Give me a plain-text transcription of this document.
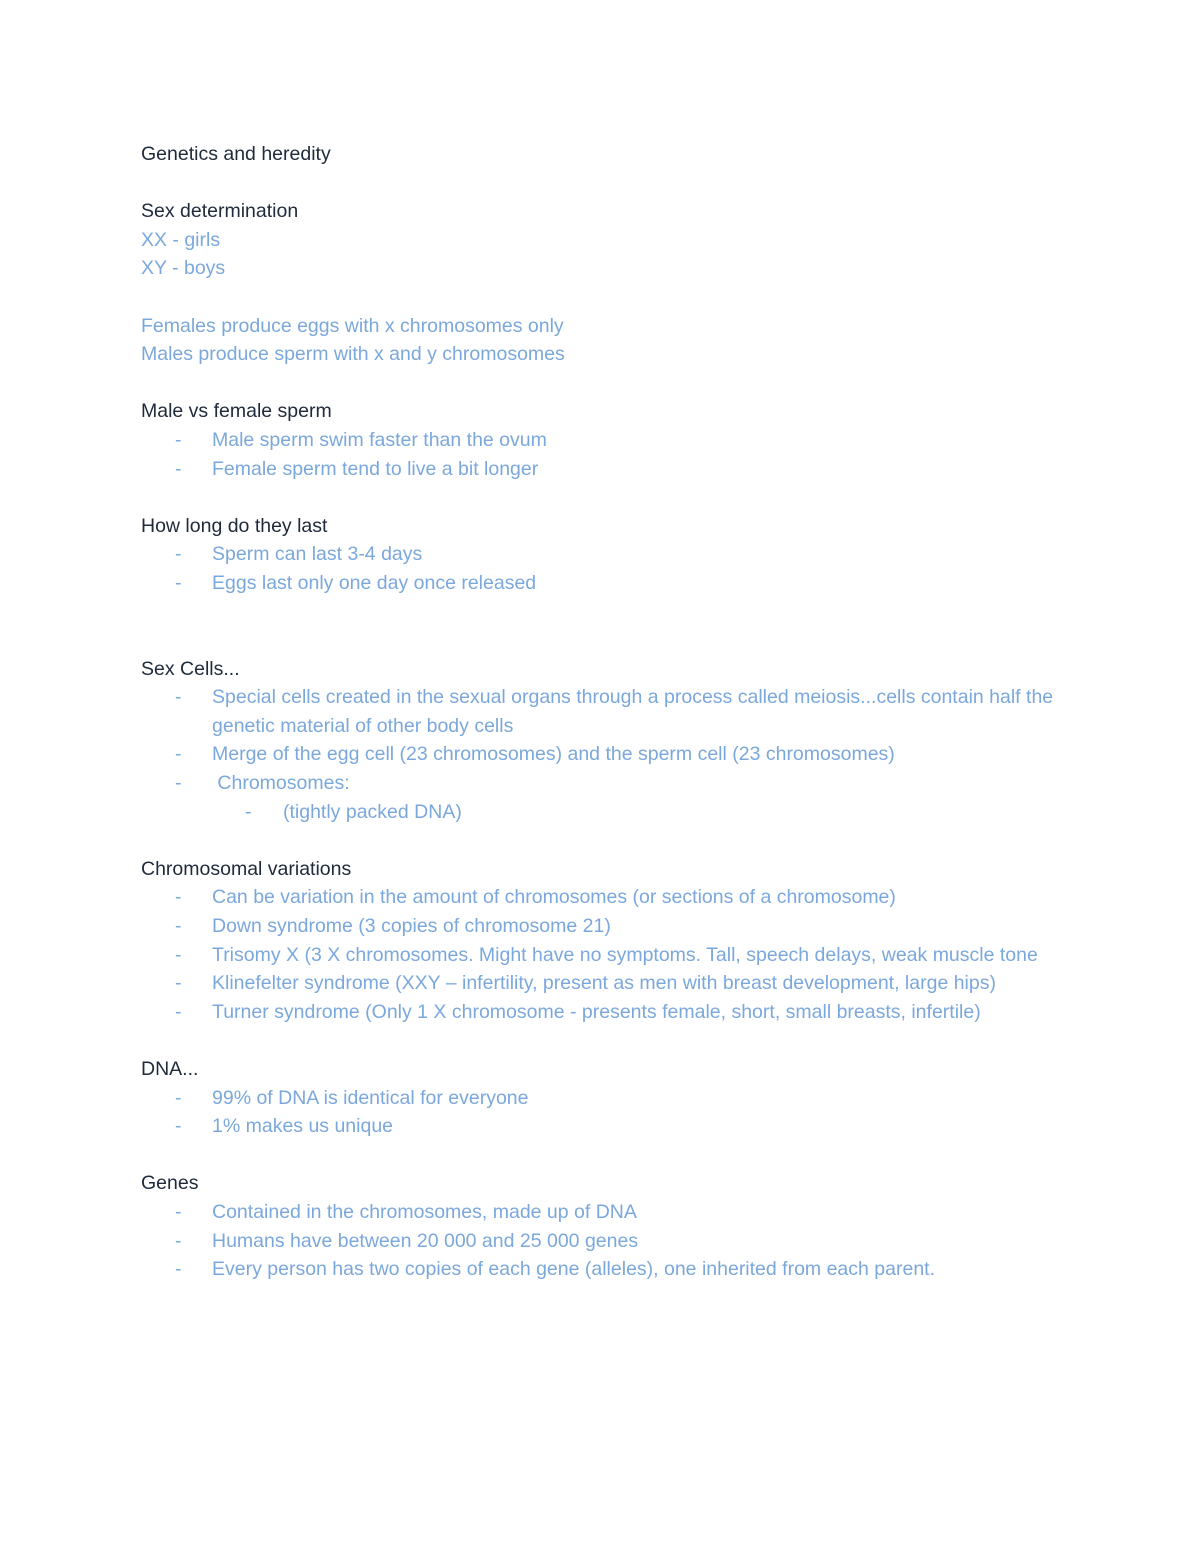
Genetics and heredity
Sex determination
XX - girls
XY - boys
Females produce eggs with x chromosomes only
Males produce sperm with x and y chromosomes
Male vs female sperm
-	Male sperm swim faster than the ovum
-	Female sperm tend to live a bit longer
How long do they last
-	Sperm can last 3-4 days
-	Eggs last only one day once released
Sex Cells...
-	Special cells created in the sexual organs through a process called meiosis...cells contain half the genetic material of other body cells
-	Merge of the egg cell (23 chromosomes) and the sperm cell (23 chromosomes)
-	Chromosomes:
-	(tightly packed DNA)
Chromosomal variations
-	Can be variation in the amount of chromosomes (or sections of a chromosome)
-	Down syndrome (3 copies of chromosome 21)
-	Trisomy X (3 X chromosomes. Might have no symptoms. Tall, speech delays, weak muscle tone
-	Klinefelter syndrome (XXY – infertility, present as men with breast development, large hips)
-	Turner syndrome (Only 1 X chromosome - presents female, short, small breasts, infertile)
DNA...
-	99% of DNA is identical for everyone
-	1% makes us unique
Genes
-	Contained in the chromosomes, made up of DNA
-	Humans have between 20 000 and 25 000 genes
-	Every person has two copies of each gene (alleles), one inherited from each parent.
